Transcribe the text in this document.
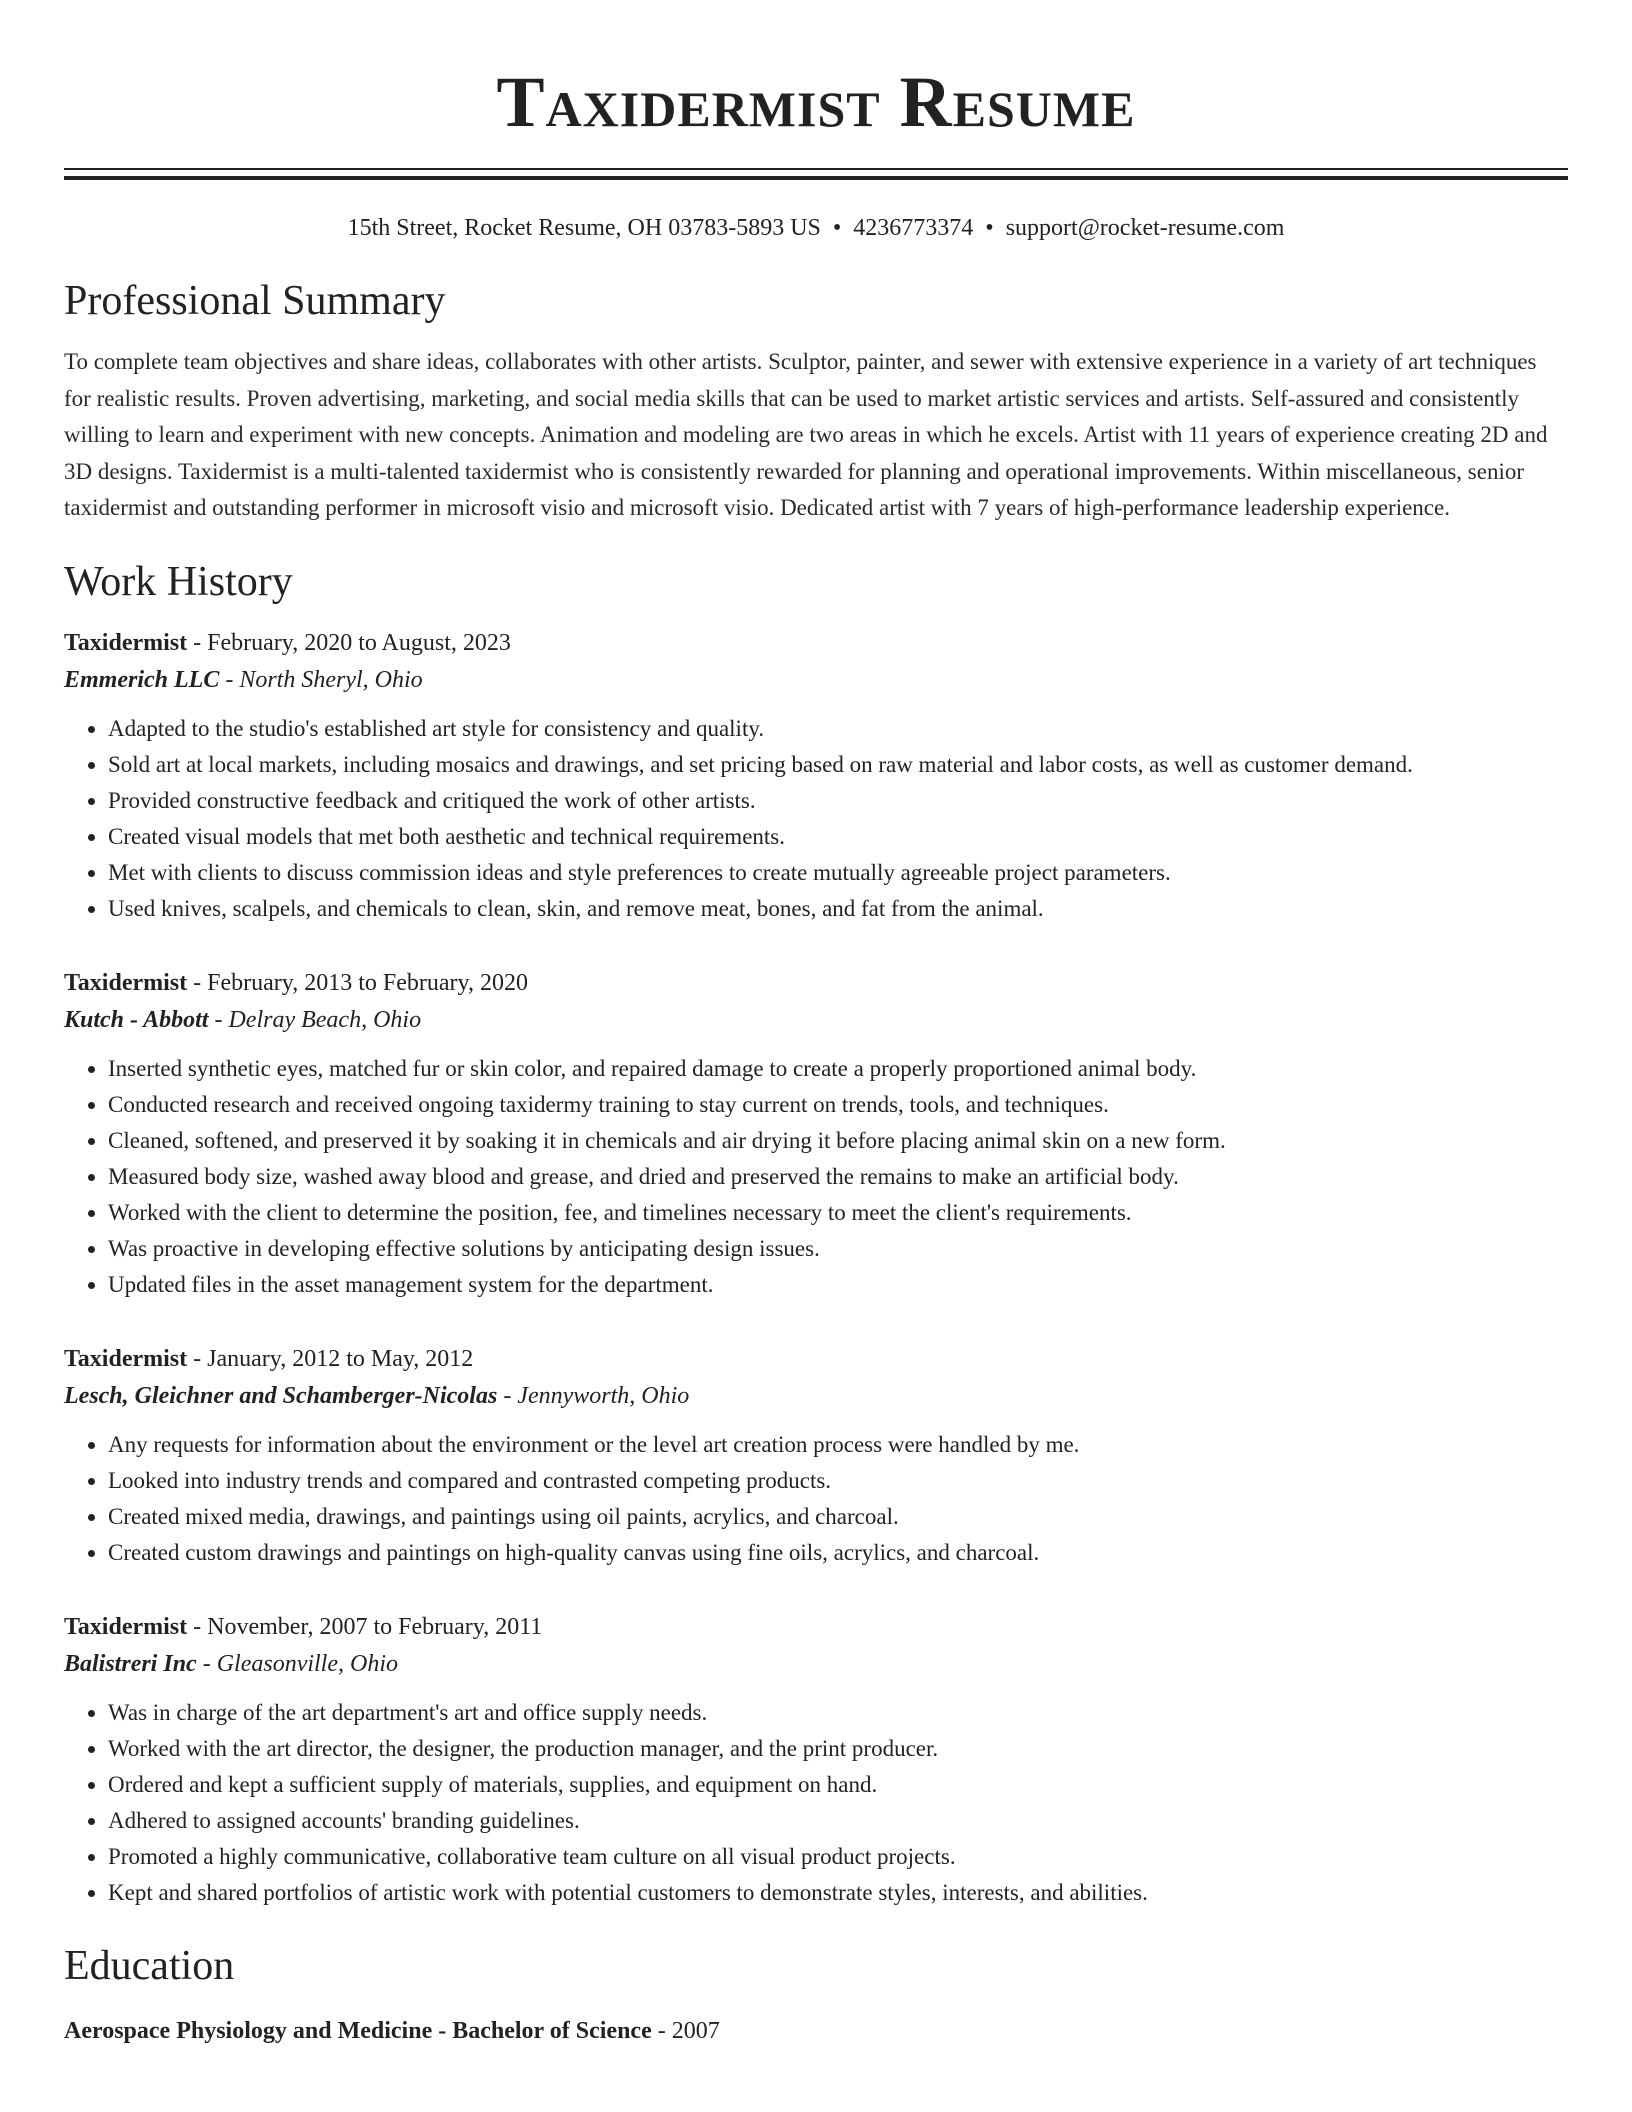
Taxidermist Resume
15th Street, Rocket Resume, OH 03783-5893 US • 4236773374 • support@rocket-resume.com
Professional Summary

To complete team objectives and share ideas, collaborates with other artists. Sculptor, painter, and sewer with extensive experience in a variety of art techniques for realistic results. Proven advertising, marketing, and social media skills that can be used to market artistic services and artists. Self-assured and consistently willing to learn and experiment with new concepts. Animation and modeling are two areas in which he excels. Artist with 11 years of experience creating 2D and 3D designs. Taxidermist is a multi-talented taxidermist who is consistently rewarded for planning and operational improvements. Within miscellaneous, senior taxidermist and outstanding performer in microsoft visio and microsoft visio. Dedicated artist with 7 years of high-performance leadership experience.

Work History
Taxidermist - February, 2020 to August, 2023
Emmerich LLC - North Sheryl, Ohio
• Adapted to the studio's established art style for consistency and quality.
• Sold art at local markets, including mosaics and drawings, and set pricing based on raw material and labor costs, as well as customer demand.
• Provided constructive feedback and critiqued the work of other artists.
• Created visual models that met both aesthetic and technical requirements.
• Met with clients to discuss commission ideas and style preferences to create mutually agreeable project parameters.
• Used knives, scalpels, and chemicals to clean, skin, and remove meat, bones, and fat from the animal.
Taxidermist - February, 2013 to February, 2020
Kutch - Abbott - Delray Beach, Ohio
• Inserted synthetic eyes, matched fur or skin color, and repaired damage to create a properly proportioned animal body.
• Conducted research and received ongoing taxidermy training to stay current on trends, tools, and techniques.
• Cleaned, softened, and preserved it by soaking it in chemicals and air drying it before placing animal skin on a new form.
• Measured body size, washed away blood and grease, and dried and preserved the remains to make an artificial body.
• Worked with the client to determine the position, fee, and timelines necessary to meet the client's requirements.
• Was proactive in developing effective solutions by anticipating design issues.
• Updated files in the asset management system for the department.
Taxidermist - January, 2012 to May, 2012
Lesch, Gleichner and Schamberger-Nicolas - Jennyworth, Ohio
• Any requests for information about the environment or the level art creation process were handled by me.
• Looked into industry trends and compared and contrasted competing products.
• Created mixed media, drawings, and paintings using oil paints, acrylics, and charcoal.
• Created custom drawings and paintings on high-quality canvas using fine oils, acrylics, and charcoal.
Taxidermist - November, 2007 to February, 2011
Balistreri Inc - Gleasonville, Ohio
• Was in charge of the art department's art and office supply needs.
• Worked with the art director, the designer, the production manager, and the print producer.
• Ordered and kept a sufficient supply of materials, supplies, and equipment on hand.
• Adhered to assigned accounts' branding guidelines.
• Promoted a highly communicative, collaborative team culture on all visual product projects.
• Kept and shared portfolios of artistic work with potential customers to demonstrate styles, interests, and abilities.
Education
Aerospace Physiology and Medicine - Bachelor of Science - 2007
